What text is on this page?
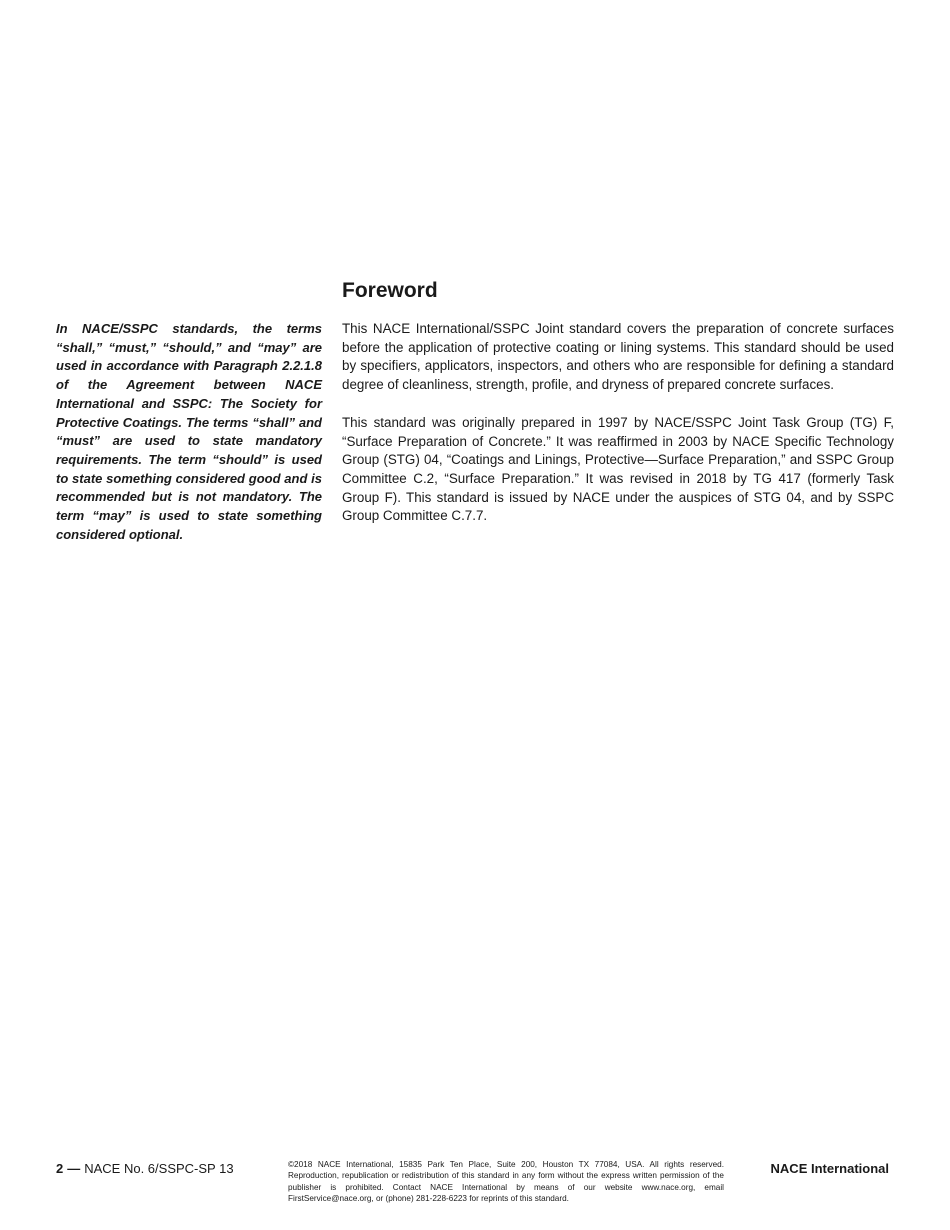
Foreword

In NACE/SSPC standards, the terms “shall,” “must,” “should,” and “may” are used in accordance with Paragraph 2.2.1.8 of the Agreement between NACE International and SSPC: The Society for Protective Coatings. The terms “shall” and “must” are used to state mandatory requirements. The term “should” is used to state something considered good and is recommended but is not mandatory. The term “may” is used to state something considered optional.

This NACE International/SSPC Joint standard covers the preparation of concrete surfaces before the application of protective coating or lining systems. This standard should be used by specifiers, applicators, inspectors, and others who are responsible for defining a standard degree of cleanliness, strength, profile, and dryness of prepared concrete surfaces.

This standard was originally prepared in 1997 by NACE/SSPC Joint Task Group (TG) F, “Surface Preparation of Concrete.” It was reaffirmed in 2003 by NACE Specific Technology Group (STG) 04, “Coatings and Linings, Protective—Surface Preparation,” and SSPC Group Committee C.2, “Surface Preparation.” It was revised in 2018 by TG 417 (formerly Task Group F). This standard is issued by NACE under the auspices of STG 04, and by SSPC Group Committee C.7.7.

2 — NACE No. 6/SSPC-SP 13	©2018 NACE International, 15835 Park Ten Place, Suite 200, Houston TX 77084, USA. All rights reserved. Reproduction, republication or redistribution of this standard in any form without the express written permission of the publisher is prohibited. Contact NACE International by means of our website www.nace.org, email FirstService@nace.org, or (phone) 281-228-6223 for reprints of this standard.

NACE International
